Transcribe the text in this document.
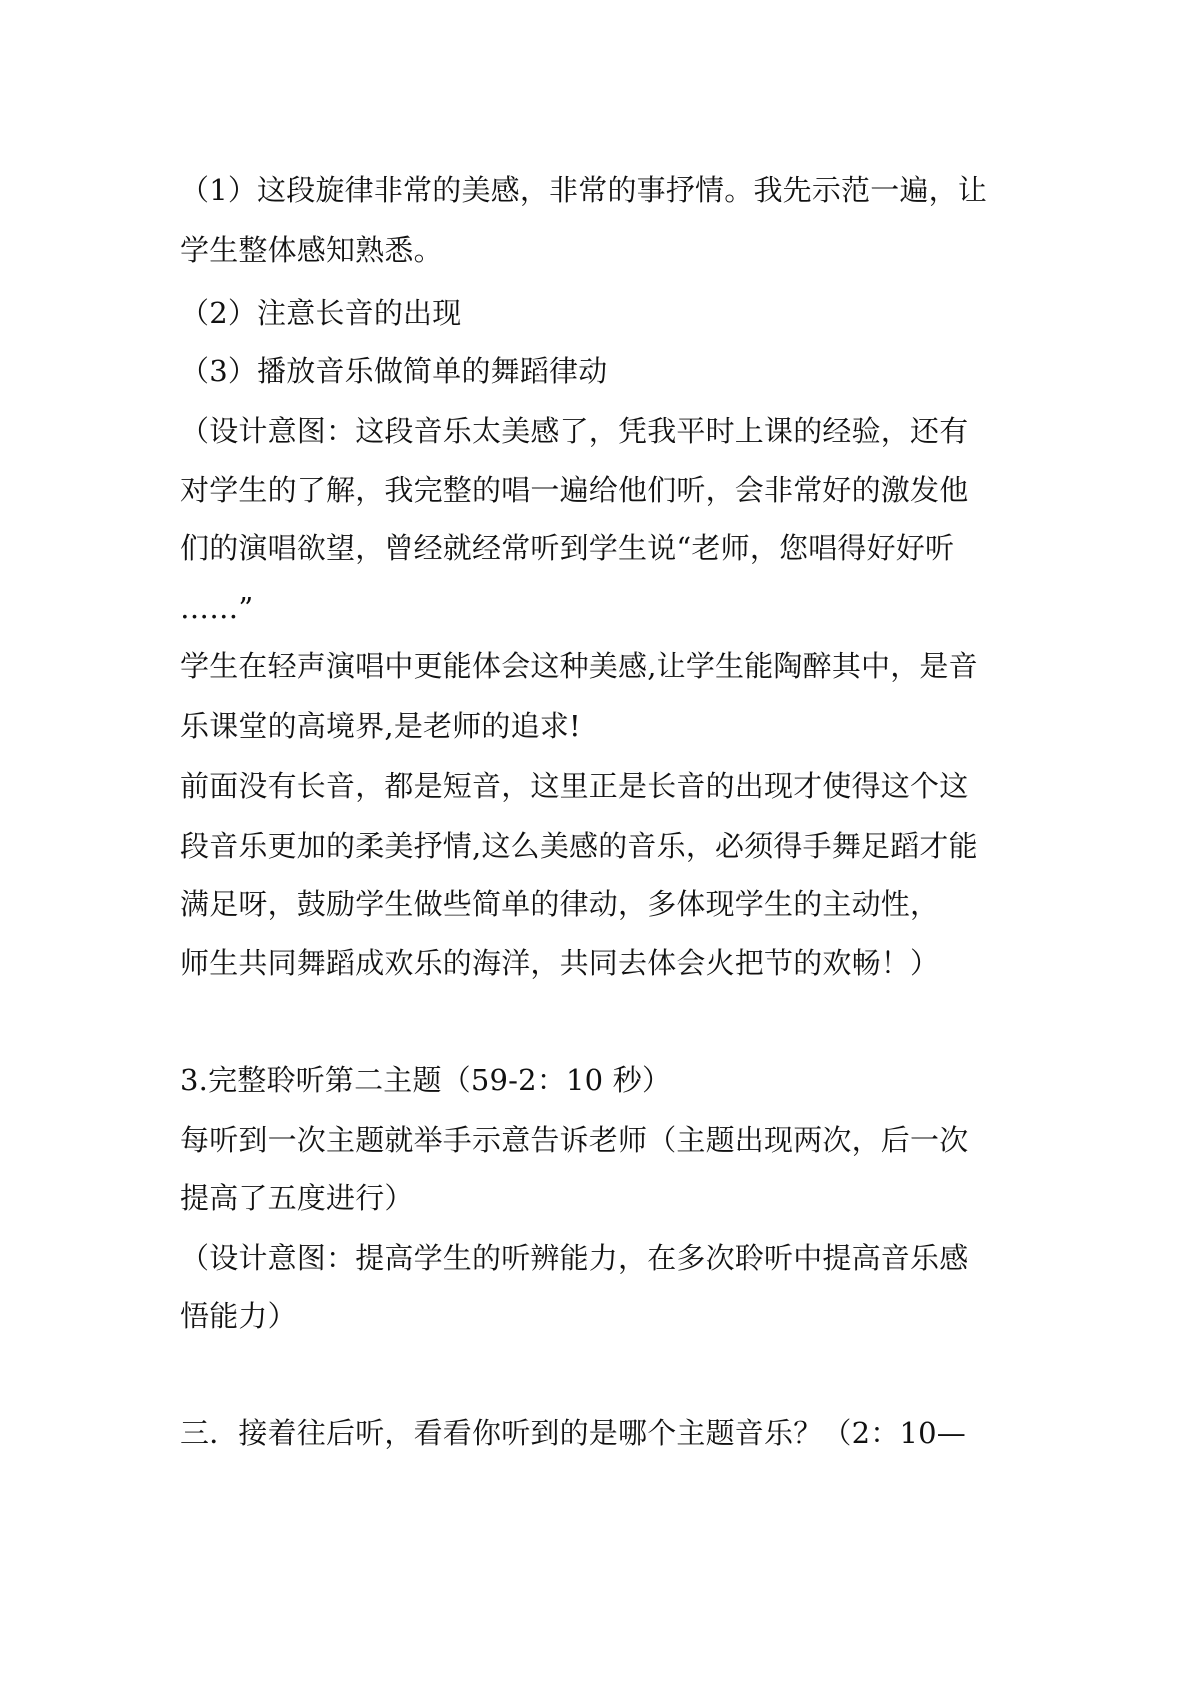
（1）这段旋律非常的美感，非常的事抒情。我先示范一遍，让
学生整体感知熟悉。
（2）注意长音的出现
（3）播放音乐做简单的舞蹈律动
（设计意图：这段音乐太美感了，凭我平时上课的经验，还有
对学生的了解，我完整的唱一遍给他们听，会非常好的激发他
们的演唱欲望，曾经就经常听到学生说“老师，您唱得好好听
……”
学生在轻声演唱中更能体会这种美感,让学生能陶醉其中，是音
乐课堂的高境界,是老师的追求!
前面没有长音，都是短音，这里正是长音的出现才使得这个这
段音乐更加的柔美抒情,这么美感的音乐，必须得手舞足蹈才能
满足呀，鼓励学生做些简单的律动，多体现学生的主动性，
师生共同舞蹈成欢乐的海洋，共同去体会火把节的欢畅！）
3.完整聆听第二主题（59-2：10 秒）
每听到一次主题就举手示意告诉老师（主题出现两次，后一次
提高了五度进行）
（设计意图：提高学生的听辨能力，在多次聆听中提高音乐感
悟能力）
三．接着往后听，看看你听到的是哪个主题音乐？（2：10—
